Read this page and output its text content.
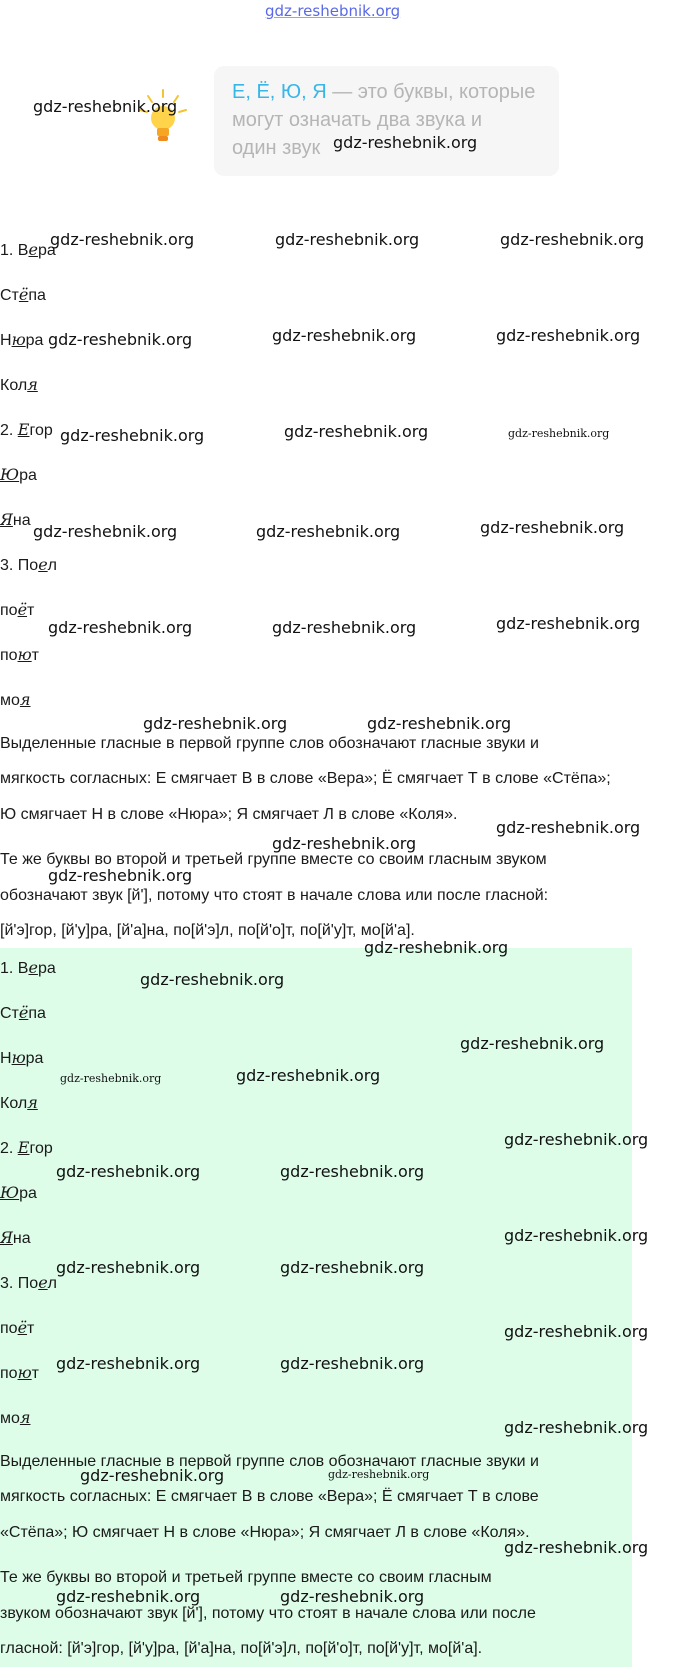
gdz-reshebnik.org
Е, Ё, Ю, Я — это буквы, которые
могут означать два звука и
один звук
1. Вера
Стёпа
Нюра
Коля
2. Егор
Юра
Яна
3. Поел
поёт
поют
моя
Выделенные гласные в первой группе слов обозначают гласные звуки и
мягкость согласных: Е смягчает В в слове «Вера»; Ё смягчает Т в слове «Стёпа»;
Ю смягчает Н в слове «Нюра»; Я смягчает Л в слове «Коля».
Те же буквы во второй и третьей группе вместе со своим гласным звуком
обозначают звук [й'], потому что стоят в начале слова или после гласной:
[й'э]гор, [й'у]ра, [й'а]на, по[й'э]л, по[й'о]т, по[й'у]т, мо[й'а].
1. Вера
Стёпа
Нюра
Коля
2. Егор
Юра
Яна
3. Поел
поёт
поют
моя
Выделенные гласные в первой группе слов обозначают гласные звуки и
мягкость согласных: Е смягчает В в слове «Вера»; Ё смягчает Т в слове
«Стёпа»; Ю смягчает Н в слове «Нюра»; Я смягчает Л в слове «Коля».
Те же буквы во второй и третьей группе вместе со своим гласным
звуком обозначают звук [й'], потому что стоят в начале слова или после
гласной: [й'э]гор, [й'у]ра, [й'а]на, по[й'э]л, по[й'о]т, по[й'у]т, мо[й'а].
gdz-reshebnik.org
gdz-reshebnik.org
gdz-reshebnik.org	gdz-reshebnik.org	gdz-reshebnik.org
gdz-reshebnik.org	gdz-reshebnik.org	gdz-reshebnik.org
gdz-reshebnik.org	gdz-reshebnik.org	gdz-reshebnik.org
gdz-reshebnik.org	gdz-reshebnik.org	gdz-reshebnik.org
gdz-reshebnik.org	gdz-reshebnik.org	gdz-reshebnik.org
gdz-reshebnik.org	gdz-reshebnik.org
gdz-reshebnik.org
gdz-reshebnik.org
gdz-reshebnik.org
gdz-reshebnik.org
gdz-reshebnik.org
gdz-reshebnik.org
gdz-reshebnik.org	gdz-reshebnik.org
gdz-reshebnik.org
gdz-reshebnik.org	gdz-reshebnik.org
gdz-reshebnik.org
gdz-reshebnik.org	gdz-reshebnik.org
gdz-reshebnik.org
gdz-reshebnik.org	gdz-reshebnik.org
gdz-reshebnik.org
gdz-reshebnik.org	gdz-reshebnik.org
gdz-reshebnik.org
gdz-reshebnik.org	gdz-reshebnik.org
